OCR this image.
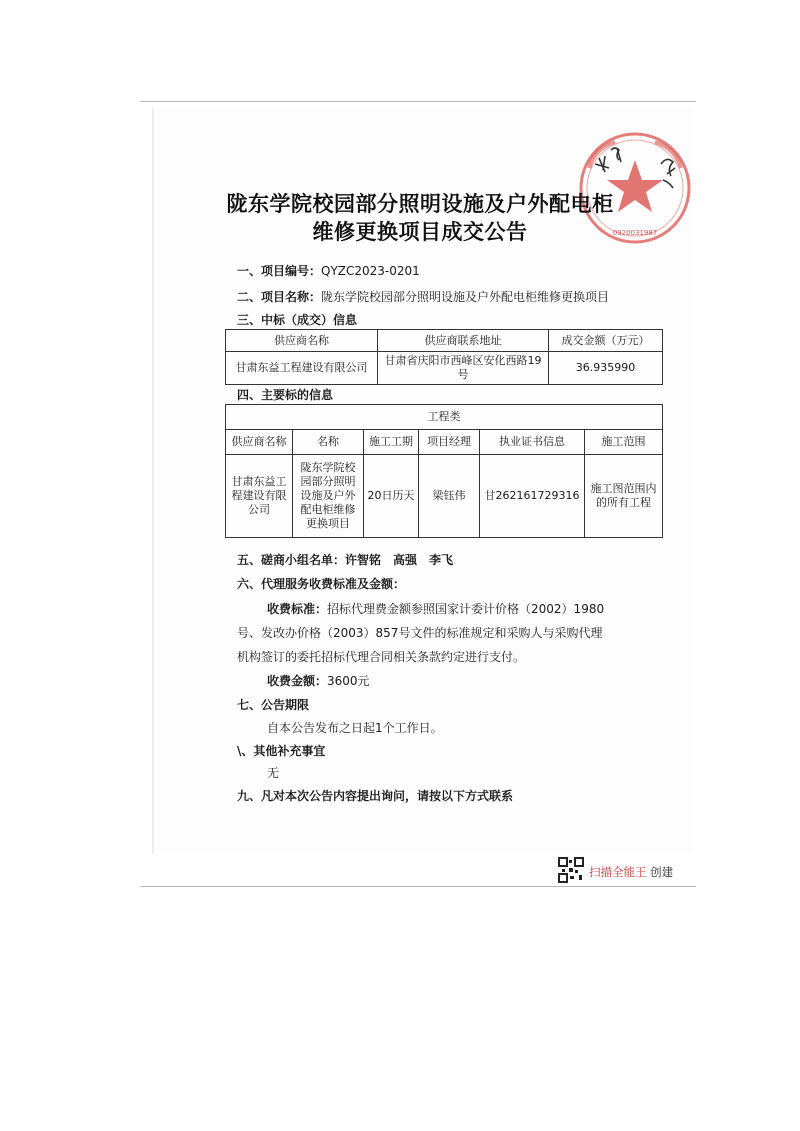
0920031987
陇东学院校园部分照明设施及户外配电柜
维修更换项目成交公告
一、项目编号：QYZC2023-0201
二、项目名称：陇东学院校园部分照明设施及户外配电柜维修更换项目
三、中标（成交）信息
供应商名称	供应商联系地址	成交金额（万元）
甘肃东益工程建设有限公司	甘肃省庆阳市西峰区安化西路19号	36.935990
四、主要标的信息
工程类					
供应商名称	名称	施工工期	项目经理	执业证书信息	施工范围
甘肃东益工程建设有限公司	陇东学院校园部分照明设施及户外配电柜维修更换项目	20日历天	梁钰伟	甘262161729316	施工图范围内的所有工程
五、磋商小组名单：许智铭　高强　李飞
六、代理服务收费标准及金额：
收费标准：招标代理费金额参照国家计委计价格（2002）1980
号、发改办价格（2003）857号文件的标准规定和采购人与采购代理
机构签订的委托招标代理合同相关条款约定进行支付。
收费金额：3600元
七、公告期限
自本公告发布之日起1个工作日。
\、其他补充事宜
无
九、凡对本次公告内容提出询问，请按以下方式联系
扫描全能王 创建
